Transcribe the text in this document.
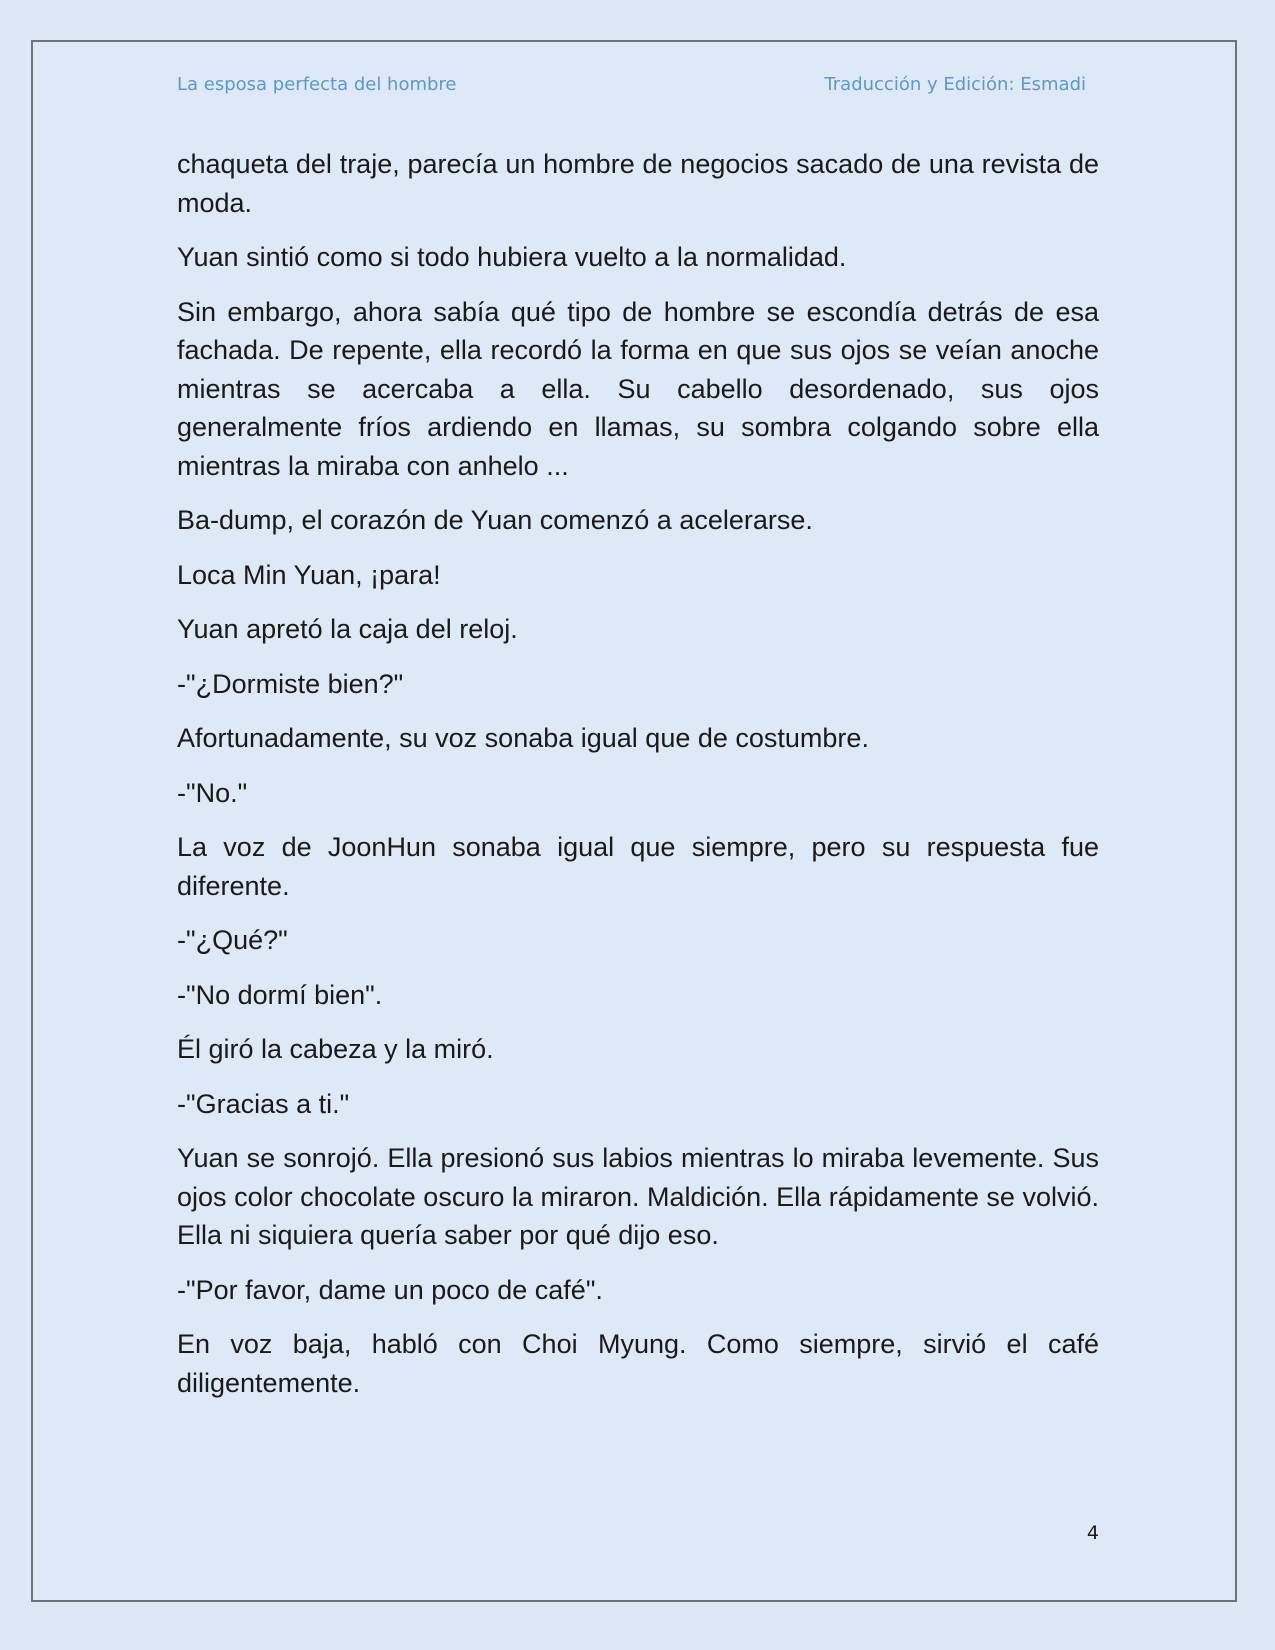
La esposa perfecta del hombre	Traducción y Edición: Esmadi

chaqueta del traje, parecía un hombre de negocios sacado de una revista de moda.

Yuan sintió como si todo hubiera vuelto a la normalidad.

Sin embargo, ahora sabía qué tipo de hombre se escondía detrás de esa fachada. De repente, ella recordó la forma en que sus ojos se veían anoche mientras se acercaba a ella. Su cabello desordenado, sus ojos generalmente fríos ardiendo en llamas, su sombra colgando sobre ella mientras la miraba con anhelo ...

Ba-dump, el corazón de Yuan comenzó a acelerarse.

Loca Min Yuan, ¡para!

Yuan apretó la caja del reloj.

-"¿Dormiste bien?"

Afortunadamente, su voz sonaba igual que de costumbre.

-"No."

La voz de JoonHun sonaba igual que siempre, pero su respuesta fue diferente.

-"¿Qué?"

-"No dormí bien".

Él giró la cabeza y la miró.

-"Gracias a ti."

Yuan se sonrojó. Ella presionó sus labios mientras lo miraba levemente. Sus ojos color chocolate oscuro la miraron. Maldición. Ella rápidamente se volvió. Ella ni siquiera quería saber por qué dijo eso.

-"Por favor, dame un poco de café".

En voz baja, habló con Choi Myung. Como siempre, sirvió el café diligentemente.

4
